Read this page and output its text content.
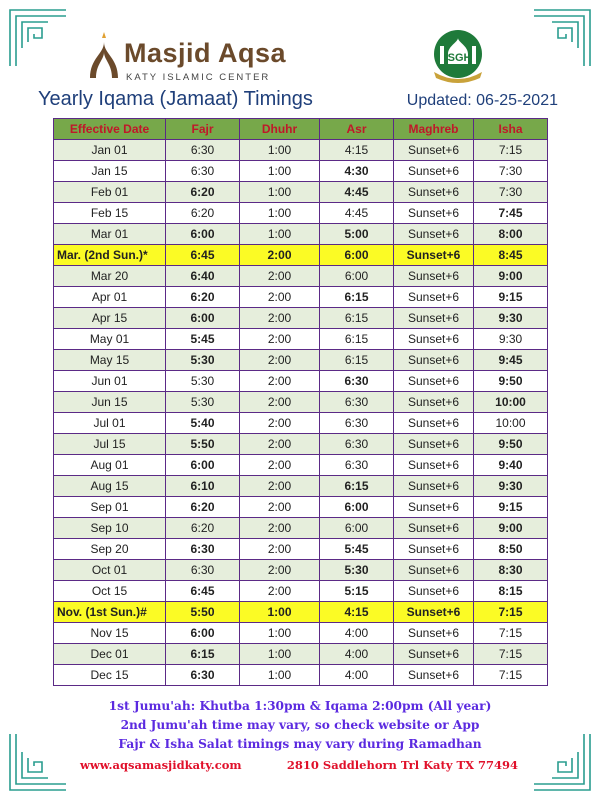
Masjid Aqsa
KATY ISLAMIC CENTER
ISGH
Yearly Iqama (Jamaat) Timings	Updated: 06-25-2021
Effective Date	Fajr	Dhuhr	Asr	Maghreb	Isha
Jan 01	6:30	1:00	4:15	Sunset+6	7:15
Jan 15	6:30	1:00	4:30	Sunset+6	7:30
Feb 01	6:20	1:00	4:45	Sunset+6	7:30
Feb 15	6:20	1:00	4:45	Sunset+6	7:45
Mar 01	6:00	1:00	5:00	Sunset+6	8:00
Mar. (2nd Sun.)*	6:45	2:00	6:00	Sunset+6	8:45
Mar 20	6:40	2:00	6:00	Sunset+6	9:00
Apr 01	6:20	2:00	6:15	Sunset+6	9:15
Apr 15	6:00	2:00	6:15	Sunset+6	9:30
May 01	5:45	2:00	6:15	Sunset+6	9:30
May 15	5:30	2:00	6:15	Sunset+6	9:45
Jun 01	5:30	2:00	6:30	Sunset+6	9:50
Jun 15	5:30	2:00	6:30	Sunset+6	10:00
Jul 01	5:40	2:00	6:30	Sunset+6	10:00
Jul 15	5:50	2:00	6:30	Sunset+6	9:50
Aug 01	6:00	2:00	6:30	Sunset+6	9:40
Aug 15	6:10	2:00	6:15	Sunset+6	9:30
Sep 01	6:20	2:00	6:00	Sunset+6	9:15
Sep 10	6:20	2:00	6:00	Sunset+6	9:00
Sep 20	6:30	2:00	5:45	Sunset+6	8:50
Oct 01	6:30	2:00	5:30	Sunset+6	8:30
Oct 15	6:45	2:00	5:15	Sunset+6	8:15
Nov. (1st Sun.)#	5:50	1:00	4:15	Sunset+6	7:15
Nov 15	6:00	1:00	4:00	Sunset+6	7:15
Dec 01	6:15	1:00	4:00	Sunset+6	7:15
Dec 15	6:30	1:00	4:00	Sunset+6	7:15
1st Jumu'ah: Khutba 1:30pm & Iqama 2:00pm (All year)
2nd Jumu'ah time may vary, so check website or App
Fajr & Isha Salat timings may vary during Ramadhan
www.aqsamasjidkaty.com	2810 Saddlehorn Trl Katy TX 77494
